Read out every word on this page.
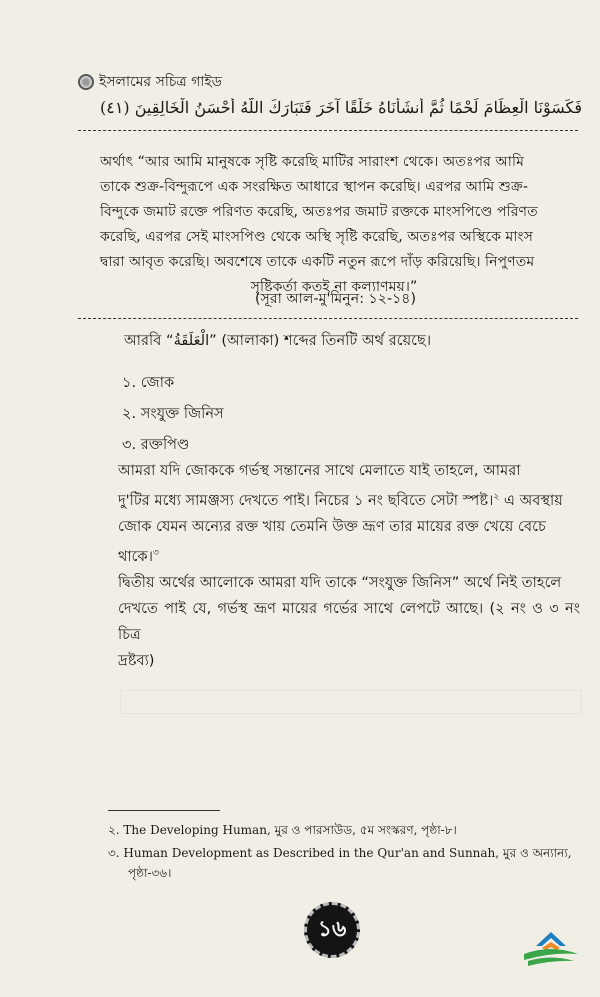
ইসলামের সচিত্র গাইড
فَكَسَوْنَا الْعِظَامَ لَحْمًا ثُمَّ أَنشَأْنَاهُ خَلْقًا آخَرَ فَتَبَارَكَ اللَّهُ أَحْسَنُ الْخَالِقِينَ (٤١)

অর্থাৎ “আর আমি মানুষকে সৃষ্টি করেছি মাটির সারাংশ থেকে। অতঃপর আমি

তাকে শুক্র-বিন্দুরূপে এক সংরক্ষিত আধারে স্থাপন করেছি। এরপর আমি শুক্র-

বিন্দুকে জমাট রক্তে পরিণত করেছি, অতঃপর জমাট রক্তকে মাংসপিণ্ডে পরিণত

করেছি, এরপর সেই মাংসপিণ্ড থেকে অস্থি সৃষ্টি করেছি, অতঃপর অস্থিকে মাংস

দ্বারা আবৃত করেছি। অবশেষে তাকে একটি নতুন রূপে দাঁড় করিয়েছি। নিপুণতম

সৃষ্টিকর্তা কতই না কল্যাণময়।”

(সূরা আল-মু'মিনুন: ১২-১৪)
আরবি “الْعَلَقَةُ” (আলাকা) শব্দের তিনটি অর্থ রয়েছে।
১. জোক
২. সংযুক্ত জিনিস
৩. রক্তপিণ্ড
আমরা যদি জোককে গর্ভস্থ সন্তানের সাথে মেলাতে যাই তাহলে, আমরা
দু'টির মধ্যে সামঞ্জস্য দেখতে পাই। নিচের ১ নং ছবিতে সেটা স্পষ্ট।$^২$ এ অবস্থায়
জোক যেমন অন্যের রক্ত খায় তেমনি উক্ত ভ্রূণ তার মায়ের রক্ত খেয়ে বেচে
থাকে।$^৩$
দ্বিতীয় অর্থের আলোকে আমরা যদি তাকে “সংযুক্ত জিনিস” অর্থে নিই তাহলে
দেখতে পাই যে, গর্ভস্থ ভ্রূণ মায়ের গর্ভের সাথে লেপটে আছে। (২ নং ও ৩ নং চিত্র
দ্রষ্টব্য)
২. The Developing Human, মুর ও পারসাউড, ৫ম সংস্করণ, পৃষ্ঠা-৮।
৩. Human Development as Described in the Qur'an and Sunnah, মুর ও অন্যান্য,
পৃষ্ঠা-৩৬।
১৬
